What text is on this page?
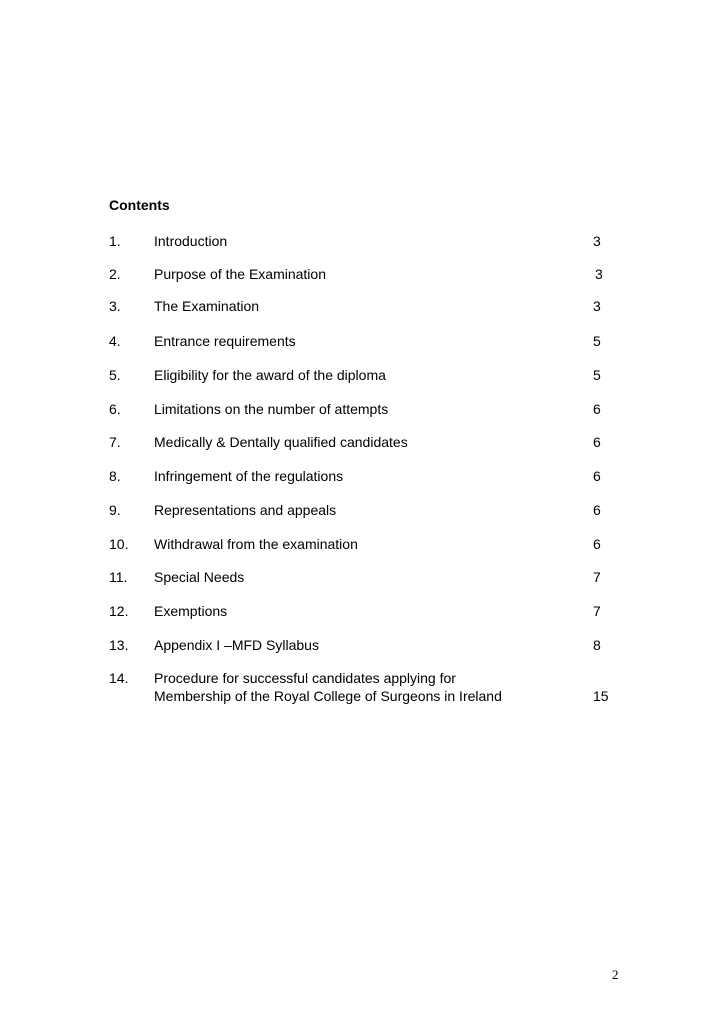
Contents
1. Introduction	3
2. Purpose of the Examination	3
3. The Examination	3
4. Entrance requirements	5
5. Eligibility for the award of the diploma	5
6. Limitations on the number of attempts	6
7. Medically & Dentally qualified candidates	6
8. Infringement of the regulations	6
9. Representations and appeals	6
10. Withdrawal from the examination	6
11. Special Needs	7
12. Exemptions	7
13. Appendix I –MFD Syllabus	8
14. Procedure for successful candidates applying for
Membership of the Royal College of Surgeons in Ireland	15
2
